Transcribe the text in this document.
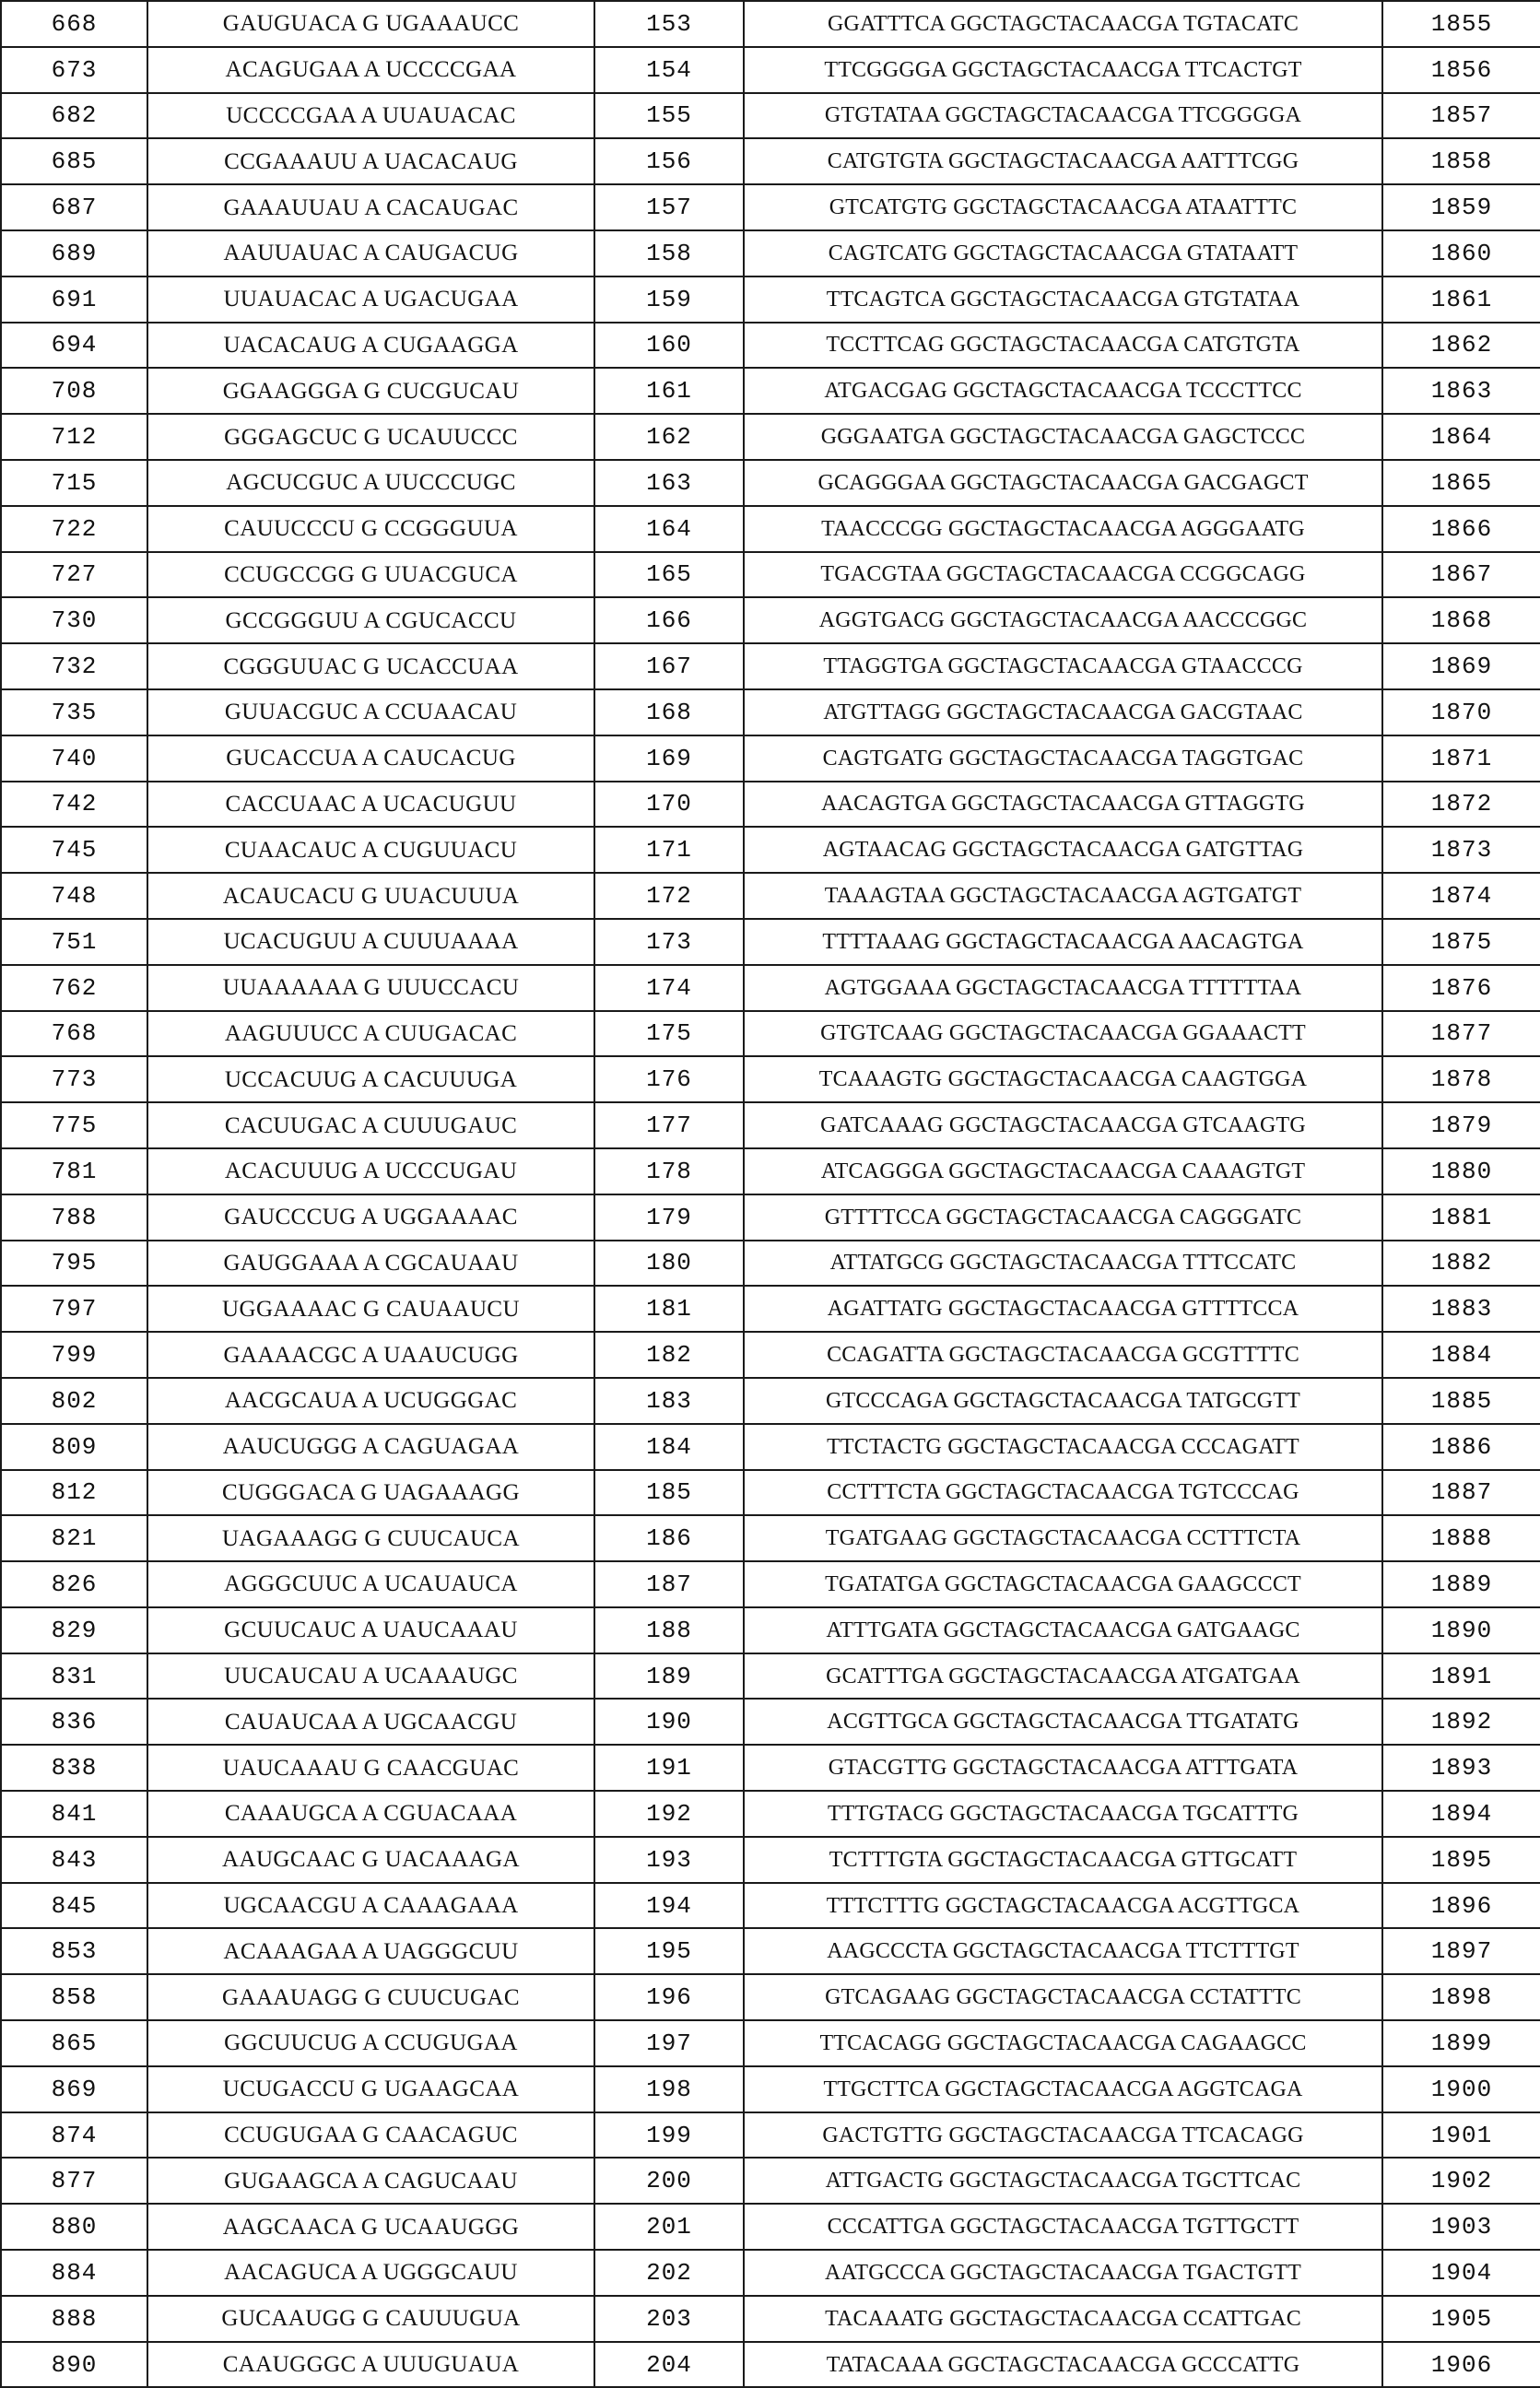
668	GAUGUACA G UGAAAUCC	153	GGATTTCA GGCTAGCTACAACGA TGTACATC	1855
673	ACAGUGAA A UCCCCGAA	154	TTCGGGGA GGCTAGCTACAACGA TTCACTGT	1856
682	UCCCCGAA A UUAUACAC	155	GTGTATAA GGCTAGCTACAACGA TTCGGGGA	1857
685	CCGAAAUU A UACACAUG	156	CATGTGTA GGCTAGCTACAACGA AATTTCGG	1858
687	GAAAUUAU A CACAUGAC	157	GTCATGTG GGCTAGCTACAACGA ATAATTTC	1859
689	AAUUAUAC A CAUGACUG	158	CAGTCATG GGCTAGCTACAACGA GTATAATT	1860
691	UUAUACAC A UGACUGAA	159	TTCAGTCA GGCTAGCTACAACGA GTGTATAA	1861
694	UACACAUG A CUGAAGGA	160	TCCTTCAG GGCTAGCTACAACGA CATGTGTA	1862
708	GGAAGGGA G CUCGUCAU	161	ATGACGAG GGCTAGCTACAACGA TCCCTTCC	1863
712	GGGAGCUC G UCAUUCCC	162	GGGAATGA GGCTAGCTACAACGA GAGCTCCC	1864
715	AGCUCGUC A UUCCCUGC	163	GCAGGGAA GGCTAGCTACAACGA GACGAGCT	1865
722	CAUUCCCU G CCGGGUUA	164	TAACCCGG GGCTAGCTACAACGA AGGGAATG	1866
727	CCUGCCGG G UUACGUCA	165	TGACGTAA GGCTAGCTACAACGA CCGGCAGG	1867
730	GCCGGGUU A CGUCACCU	166	AGGTGACG GGCTAGCTACAACGA AACCCGGC	1868
732	CGGGUUAC G UCACCUAA	167	TTAGGTGA GGCTAGCTACAACGA GTAACCCG	1869
735	GUUACGUC A CCUAACAU	168	ATGTTAGG GGCTAGCTACAACGA GACGTAAC	1870
740	GUCACCUA A CAUCACUG	169	CAGTGATG GGCTAGCTACAACGA TAGGTGAC	1871
742	CACCUAAC A UCACUGUU	170	AACAGTGA GGCTAGCTACAACGA GTTAGGTG	1872
745	CUAACAUC A CUGUUACU	171	AGTAACAG GGCTAGCTACAACGA GATGTTAG	1873
748	ACAUCACU G UUACUUUA	172	TAAAGTAA GGCTAGCTACAACGA AGTGATGT	1874
751	UCACUGUU A CUUUAAAA	173	TTTTAAAG GGCTAGCTACAACGA AACAGTGA	1875
762	UUAAAAAA G UUUCCACU	174	AGTGGAAA GGCTAGCTACAACGA TTTTTTAA	1876
768	AAGUUUCC A CUUGACAC	175	GTGTCAAG GGCTAGCTACAACGA GGAAACTT	1877
773	UCCACUUG A CACUUUGA	176	TCAAAGTG GGCTAGCTACAACGA CAAGTGGA	1878
775	CACUUGAC A CUUUGAUC	177	GATCAAAG GGCTAGCTACAACGA GTCAAGTG	1879
781	ACACUUUG A UCCCUGAU	178	ATCAGGGA GGCTAGCTACAACGA CAAAGTGT	1880
788	GAUCCCUG A UGGAAAAC	179	GTTTTCCA GGCTAGCTACAACGA CAGGGATC	1881
795	GAUGGAAA A CGCAUAAU	180	ATTATGCG GGCTAGCTACAACGA TTTCCATC	1882
797	UGGAAAAC G CAUAAUCU	181	AGATTATG GGCTAGCTACAACGA GTTTTCCA	1883
799	GAAAACGC A UAAUCUGG	182	CCAGATTA GGCTAGCTACAACGA GCGTTTTC	1884
802	AACGCAUA A UCUGGGAC	183	GTCCCAGA GGCTAGCTACAACGA TATGCGTT	1885
809	AAUCUGGG A CAGUAGAA	184	TTCTACTG GGCTAGCTACAACGA CCCAGATT	1886
812	CUGGGACA G UAGAAAGG	185	CCTTTCTA GGCTAGCTACAACGA TGTCCCAG	1887
821	UAGAAAGG G CUUCAUCA	186	TGATGAAG GGCTAGCTACAACGA CCTTTCTA	1888
826	AGGGCUUC A UCAUAUCA	187	TGATATGA GGCTAGCTACAACGA GAAGCCCT	1889
829	GCUUCAUC A UAUCAAAU	188	ATTTGATA GGCTAGCTACAACGA GATGAAGC	1890
831	UUCAUCAU A UCAAAUGC	189	GCATTTGA GGCTAGCTACAACGA ATGATGAA	1891
836	CAUAUCAA A UGCAACGU	190	ACGTTGCA GGCTAGCTACAACGA TTGATATG	1892
838	UAUCAAAU G CAACGUAC	191	GTACGTTG GGCTAGCTACAACGA ATTTGATA	1893
841	CAAAUGCA A CGUACAAA	192	TTTGTACG GGCTAGCTACAACGA TGCATTTG	1894
843	AAUGCAAC G UACAAAGA	193	TCTTTGTA GGCTAGCTACAACGA GTTGCATT	1895
845	UGCAACGU A CAAAGAAA	194	TTTCTTTG GGCTAGCTACAACGA ACGTTGCA	1896
853	ACAAAGAA A UAGGGCUU	195	AAGCCCTA GGCTAGCTACAACGA TTCTTTGT	1897
858	GAAAUAGG G CUUCUGAC	196	GTCAGAAG GGCTAGCTACAACGA CCTATTTC	1898
865	GGCUUCUG A CCUGUGAA	197	TTCACAGG GGCTAGCTACAACGA CAGAAGCC	1899
869	UCUGACCU G UGAAGCAA	198	TTGCTTCA GGCTAGCTACAACGA AGGTCAGA	1900
874	CCUGUGAA G CAACAGUC	199	GACTGTTG GGCTAGCTACAACGA TTCACAGG	1901
877	GUGAAGCA A CAGUCAAU	200	ATTGACTG GGCTAGCTACAACGA TGCTTCAC	1902
880	AAGCAACA G UCAAUGGG	201	CCCATTGA GGCTAGCTACAACGA TGTTGCTT	1903
884	AACAGUCA A UGGGCAUU	202	AATGCCCA GGCTAGCTACAACGA TGACTGTT	1904
888	GUCAAUGG G CAUUUGUA	203	TACAAATG GGCTAGCTACAACGA CCATTGAC	1905
890	CAAUGGGC A UUUGUAUA	204	TATACAAA GGCTAGCTACAACGA GCCCATTG	1906
